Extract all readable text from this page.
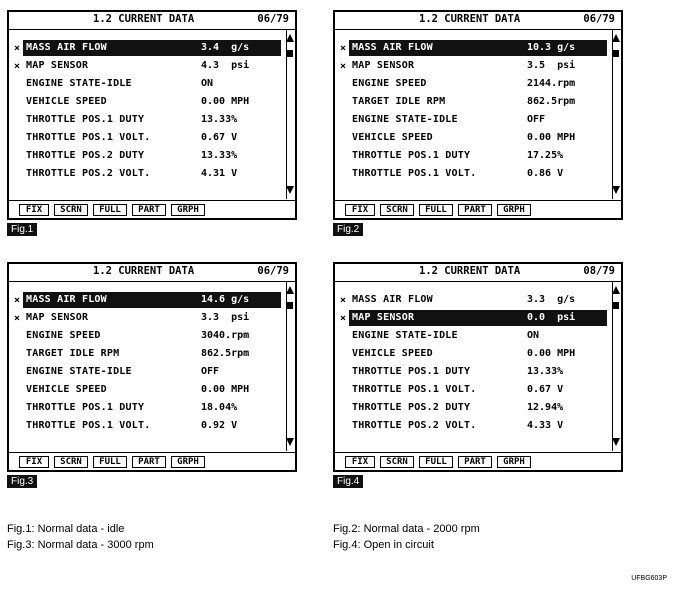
1.2 CURRENT DATA	06/79
× MASS AIR FLOW	3.4  g/s
× MAP SENSOR	4.3  psi
ENGINE STATE-IDLE	ON
VEHICLE SPEED	0.00 MPH
THROTTLE POS.1 DUTY	13.33%
THROTTLE POS.1 VOLT.	0.67 V
THROTTLE POS.2 DUTY	13.33%
THROTTLE POS.2 VOLT.	4.31 V
FIX	SCRN	FULL	PART	GRPH
Fig.1
1.2 CURRENT DATA	06/79
× MASS AIR FLOW	10.3 g/s
× MAP SENSOR	3.5  psi
ENGINE SPEED	2144.rpm
TARGET IDLE RPM	862.5rpm
ENGINE STATE-IDLE	OFF
VEHICLE SPEED	0.00 MPH
THROTTLE POS.1 DUTY	17.25%
THROTTLE POS.1 VOLT.	0.86 V
FIX	SCRN	FULL	PART	GRPH
Fig.2
1.2 CURRENT DATA	06/79
× MASS AIR FLOW	14.6 g/s
× MAP SENSOR	3.3  psi
ENGINE SPEED	3040.rpm
TARGET IDLE RPM	862.5rpm
ENGINE STATE-IDLE	OFF
VEHICLE SPEED	0.00 MPH
THROTTLE POS.1 DUTY	18.04%
THROTTLE POS.1 VOLT.	0.92 V
FIX	SCRN	FULL	PART	GRPH
Fig.3
1.2 CURRENT DATA	08/79
× MASS AIR FLOW	3.3  g/s
× MAP SENSOR	0.0  psi
ENGINE STATE-IDLE	ON
VEHICLE SPEED	0.00 MPH
THROTTLE POS.1 DUTY	13.33%
THROTTLE POS.1 VOLT.	0.67 V
THROTTLE POS.2 DUTY	12.94%
THROTTLE POS.2 VOLT.	4.33 V
FIX	SCRN	FULL	PART	GRPH
Fig.4
Fig.1: Normal data - idle
Fig.3: Normal data - 3000 rpm
Fig.2: Normal data - 2000 rpm
Fig.4: Open in circuit
UFBG603P
